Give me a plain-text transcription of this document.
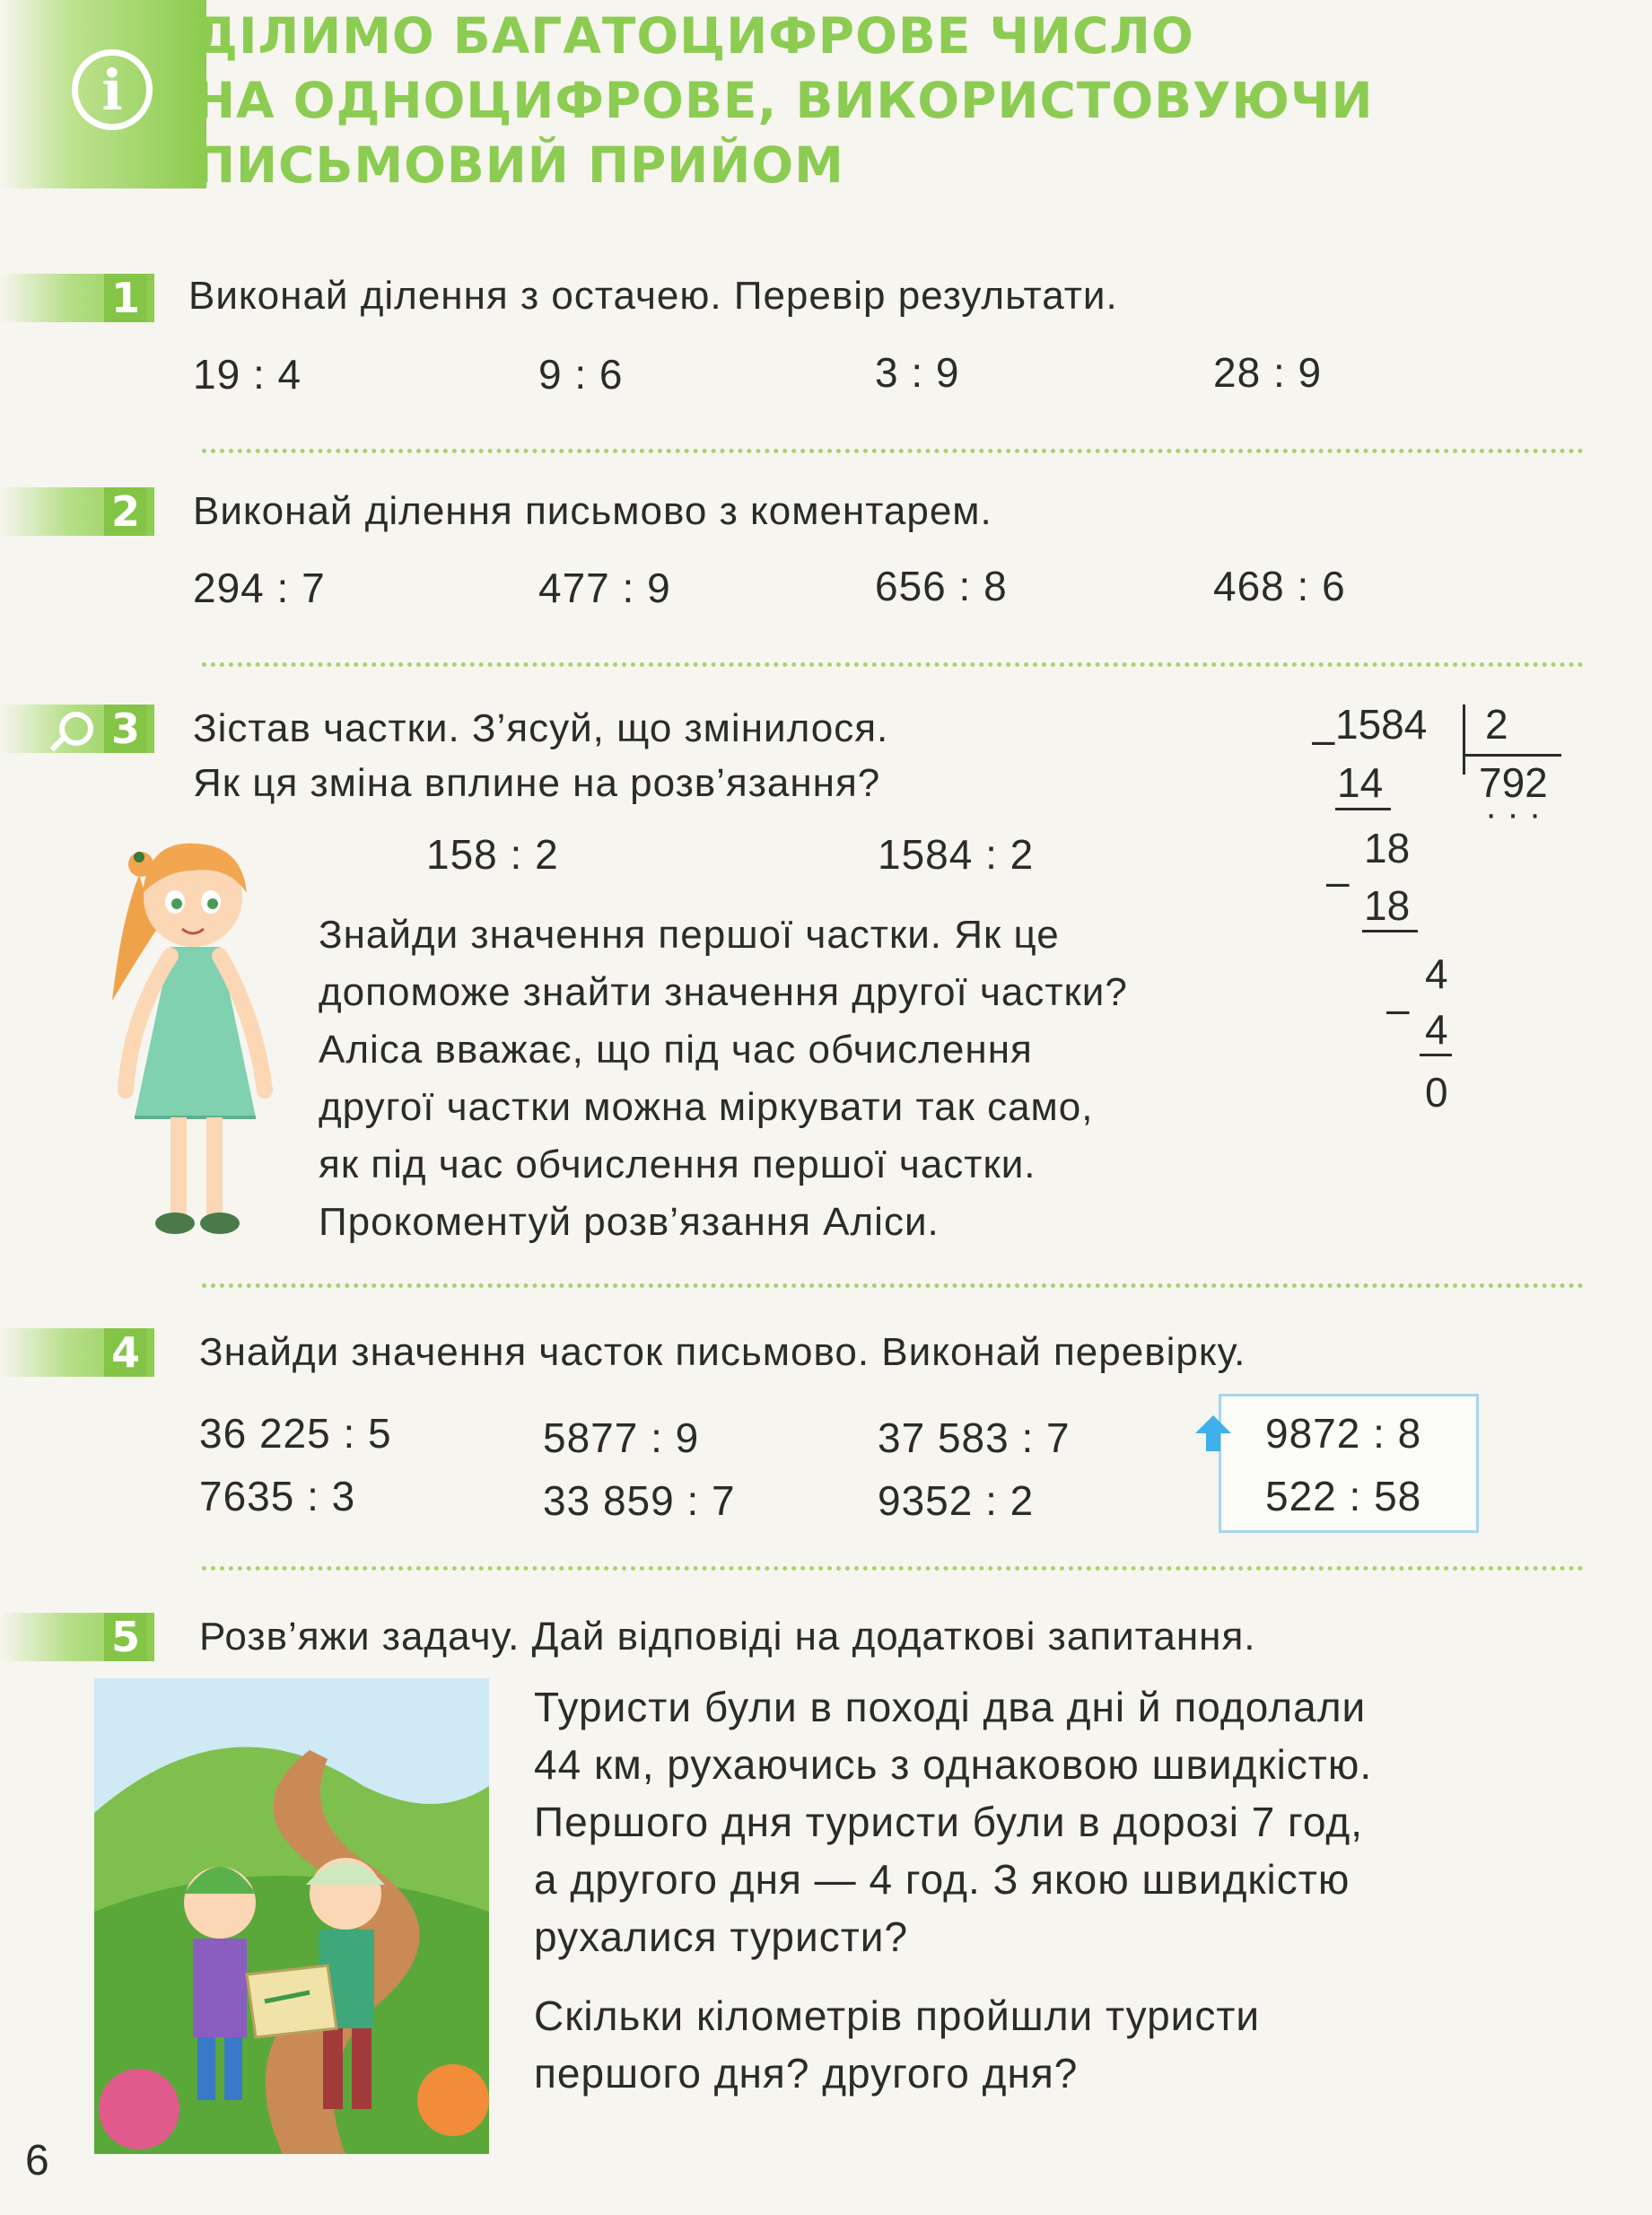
i
ДІЛИМО БАГАТОЦИФРОВЕ ЧИСЛО
НА ОДНОЦИФРОВЕ, ВИКОРИСТОВУЮЧИ
ПИСЬМОВИЙ ПРИЙОМ
1 Виконай ділення з остачею. Перевір результати.
19 : 4	9 : 6	3 : 9	28 : 9
2 Виконай ділення письмово з коментарем.
294 : 7	477 : 9	656 : 8	468 : 6
3 Зістав частки. З’ясуй, що змінилося.
Як ця зміна вплине на розв’язання?
158 : 2	1584 : 2
Знайди значення першої частки. Як це
допоможе знайти значення другої частки?
Аліса вважає, що під час обчислення
другої частки можна міркувати так само,
як під час обчислення першої частки.
Прокоментуй розв’язання Аліси.
– 1584 2
792
· · ·
14
–
18
18
–
4
4
0
4 Знайди значення часток письмово. Виконай перевірку.
36 225 : 5	5877 : 9	37 583 : 7
7635 : 3	33 859 : 7	9352 : 2
9872 : 8
522 : 58
5 Розв’яжи задачу. Дай відповіді на додаткові запитання.
Туристи були в поході два дні й подолали
44 км, рухаючись з однаковою швидкістю.
Першого дня туристи були в дорозі 7 год,
а другого дня — 4 год. З якою швидкістю
рухалися туристи?
Скільки кілометрів пройшли туристи
першого дня? другого дня?
6
